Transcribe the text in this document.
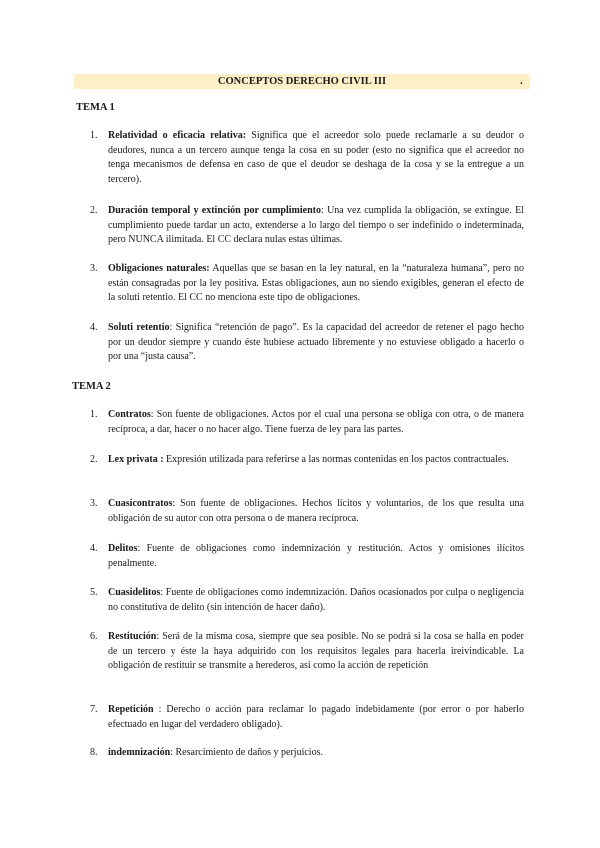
CONCEPTOS DERECHO CIVIL III	.
TEMA 1
1. Relatividad o eficacia relativa: Significa que el acreedor solo puede reclamarle a su deudor o deudores, nunca a un tercero aunque tenga la cosa en su poder (esto no significa que el acreedor no tenga mecanismos de defensa en caso de que el deudor se deshaga de la cosa y se la entregue a un tercero).
2. Duración temporal y extinción por cumplimiento: Una vez cumplida la obligación, se extingue. El cumplimiento puede tardar un acto, extenderse a lo largo del tiempo o ser indefinido o indeterminada, pero NUNCA ilimitada. El CC declara nulas estas últimas.
3. Obligaciones naturales: Aquellas que se basan en la ley natural, en la “naturaleza humana”, pero no están consagradas por la ley positiva. Estas obligaciones, aun no siendo exigibles, generan el efecto de la soluti retentio. El CC no menciona este tipo de obligaciones.
4. Soluti retentio: Significa “retención de pago”. Es la capacidad del acreedor de retener el pago hecho por un deudor siempre y cuando éste hubiese actuado libremente y no estuviese obligado a hacerlo o por una “justa causa”.
TEMA 2
1. Contratos: Son fuente de obligaciones. Actos por el cual una persona se obliga con otra, o de manera recíproca, a dar, hacer o no hacer algo. Tiene fuerza de ley para las partes.
2. Lex privata : Expresión utilizada para referirse a las normas contenidas en los pactos contractuales.
3. Cuasicontratos: Son fuente de obligaciones. Hechos lícitos y voluntarios, de los que resulta una obligación de su autor con otra persona o de manera recíproca.
4. Delitos: Fuente de obligaciones como indemnización y restitución. Actos y omisiones ilícitos penalmente.
5. Cuasidelitos: Fuente de obligaciones como indemnización. Daños ocasionados por culpa o negligencia no constitutiva de delito (sin intención de hacer daño).
6. Restitución: Será de la misma cosa, siempre que sea posible. No se podrá si la cosa se halla en poder de un tercero y éste la haya adquirido con los requisitos legales para hacerla ireivindicable. La obligación de restituir se transmite a herederos, así como la acción de repetición
7. Repetición : Derecho o acción para reclamar lo pagado indebidamente (por error o por haberlo efectuado en lugar del verdadero obligado).
8. indemnización: Resarcimiento de daños y perjuicios.
